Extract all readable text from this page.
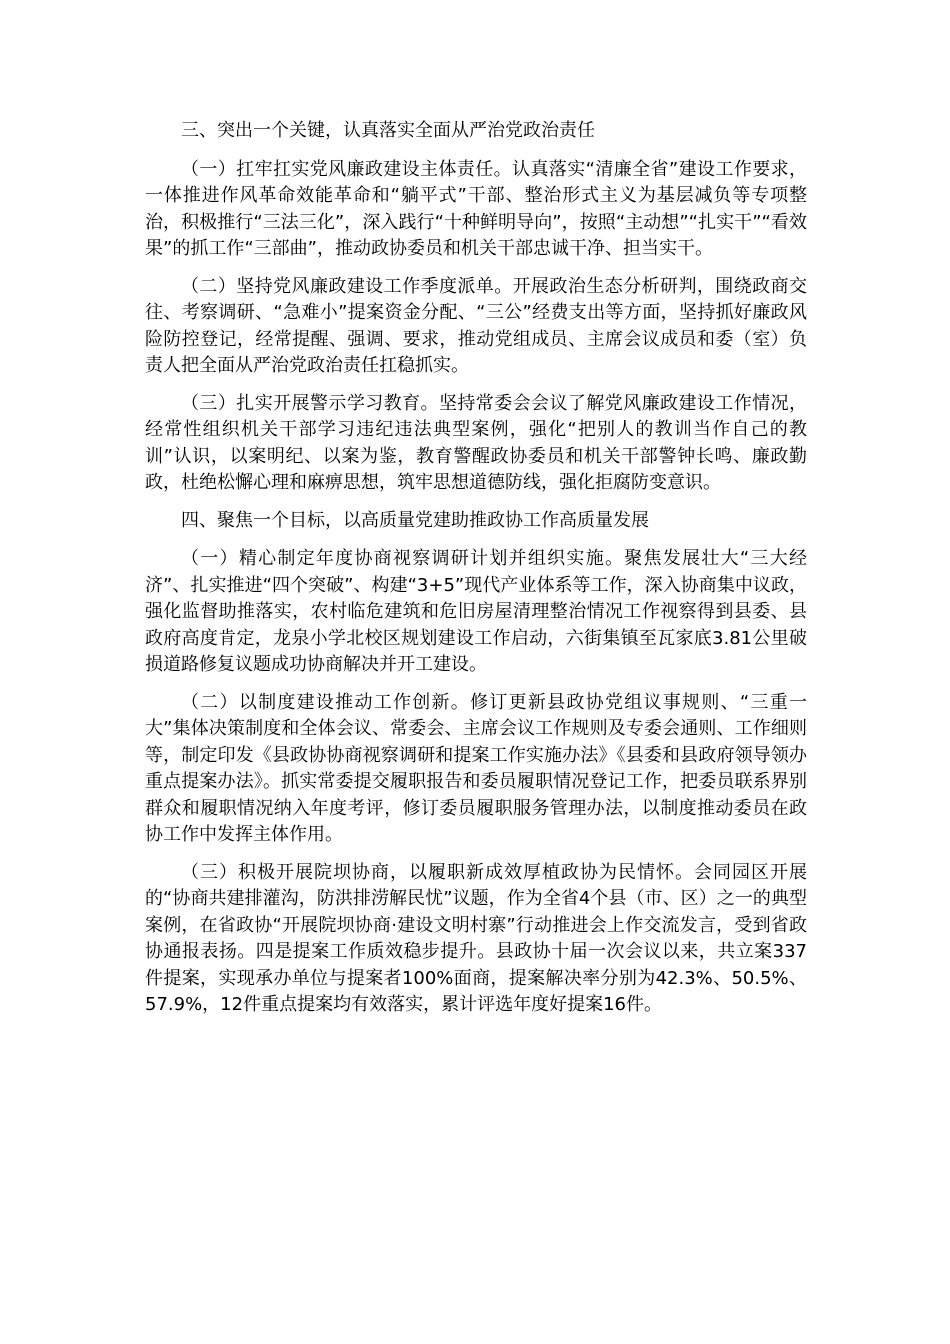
三、突出一个关键，认真落实全面从严治党政治责任

（一）扛牢扛实党风廉政建设主体责任。认真落实“清廉全省”建设工作要求，一体推进作风革命效能革命和“躺平式”干部、整治形式主义为基层减负等专项整治，积极推行“三法三化”，深入践行“十种鲜明导向”，按照“主动想”“扎实干”“看效果”的抓工作“三部曲”，推动政协委员和机关干部忠诚干净、担当实干。

（二）坚持党风廉政建设工作季度派单。开展政治生态分析研判，围绕政商交往、考察调研、“急难小”提案资金分配、“三公”经费支出等方面，坚持抓好廉政风险防控登记，经常提醒、强调、要求，推动党组成员、主席会议成员和委（室）负责人把全面从严治党政治责任扛稳抓实。

（三）扎实开展警示学习教育。坚持常委会会议了解党风廉政建设工作情况，经常性组织机关干部学习违纪违法典型案例，强化“把别人的教训当作自己的教训”认识，以案明纪、以案为鉴，教育警醒政协委员和机关干部警钟长鸣、廉政勤政，杜绝松懈心理和麻痹思想，筑牢思想道德防线，强化拒腐防变意识。

四、聚焦一个目标，以高质量党建助推政协工作高质量发展

（一）精心制定年度协商视察调研计划并组织实施。聚焦发展壮大“三大经济”、扎实推进“四个突破”、构建“3+5”现代产业体系等工作，深入协商集中议政，强化监督助推落实，农村临危建筑和危旧房屋清理整治情况工作视察得到县委、县政府高度肯定，龙泉小学北校区规划建设工作启动，六街集镇至瓦家底3.81公里破损道路修复议题成功协商解决并开工建设。

（二）以制度建设推动工作创新。修订更新县政协党组议事规则、“三重一大”集体决策制度和全体会议、常委会、主席会议工作规则及专委会通则、工作细则等，制定印发《县政协协商视察调研和提案工作实施办法》《县委和县政府领导领办重点提案办法》。抓实常委提交履职报告和委员履职情况登记工作，把委员联系界别群众和履职情况纳入年度考评，修订委员履职服务管理办法，以制度推动委员在政协工作中发挥主体作用。

（三）积极开展院坝协商，以履职新成效厚植政协为民情怀。会同园区开展的“协商共建排灌沟，防洪排涝解民忧”议题，作为全省4个县（市、区）之一的典型案例，在省政协“开展院坝协商·建设文明村寨”行动推进会上作交流发言，受到省政协通报表扬。四是提案工作质效稳步提升。县政协十届一次会议以来，共立案337件提案，实现承办单位与提案者100%面商，提案解决率分别为42.3%、50.5%、57.9%，12件重点提案均有效落实，累计评选年度好提案16件。
